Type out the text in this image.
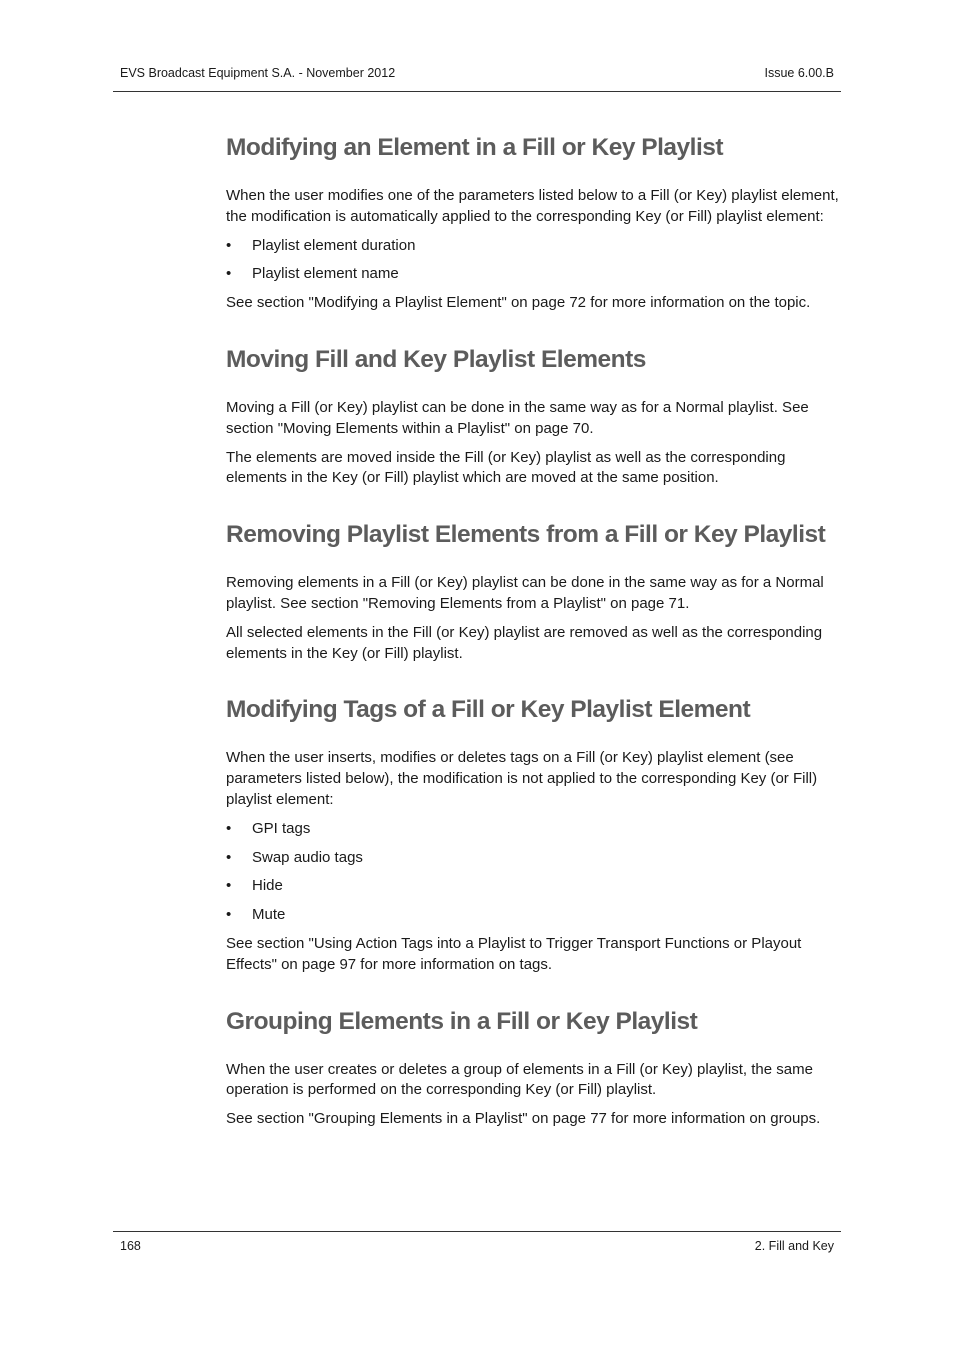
EVS Broadcast Equipment S.A. - November 2012	Issue 6.00.B
Modifying an Element in a Fill or Key Playlist

When the user modifies one of the parameters listed below to a Fill (or Key) playlist element, the modification is automatically applied to the corresponding Key (or Fill) playlist element:

• Playlist element duration
• Playlist element name

See section "Modifying a Playlist Element" on page 72 for more information on the topic.

Moving Fill and Key Playlist Elements

Moving a Fill (or Key) playlist can be done in the same way as for a Normal playlist. See section "Moving Elements within a Playlist" on page 70.

The elements are moved inside the Fill (or Key) playlist as well as the corresponding elements in the Key (or Fill) playlist which are moved at the same position.

Removing Playlist Elements from a Fill or Key Playlist

Removing elements in a Fill (or Key) playlist can be done in the same way as for a Normal playlist. See section "Removing Elements from a Playlist" on page 71.

All selected elements in the Fill (or Key) playlist are removed as well as the corresponding elements in the Key (or Fill) playlist.

Modifying Tags of a Fill or Key Playlist Element

When the user inserts, modifies or deletes tags on a Fill (or Key) playlist element (see parameters listed below), the modification is not applied to the corresponding Key (or Fill) playlist element:

• GPI tags
• Swap audio tags
• Hide
• Mute

See section "Using Action Tags into a Playlist to Trigger Transport Functions or Playout Effects" on page 97 for more information on tags.

Grouping Elements in a Fill or Key Playlist

When the user creates or deletes a group of elements in a Fill (or Key) playlist, the same operation is performed on the corresponding Key (or Fill) playlist.

See section "Grouping Elements in a Playlist" on page 77 for more information on groups.

168	2. Fill and Key
